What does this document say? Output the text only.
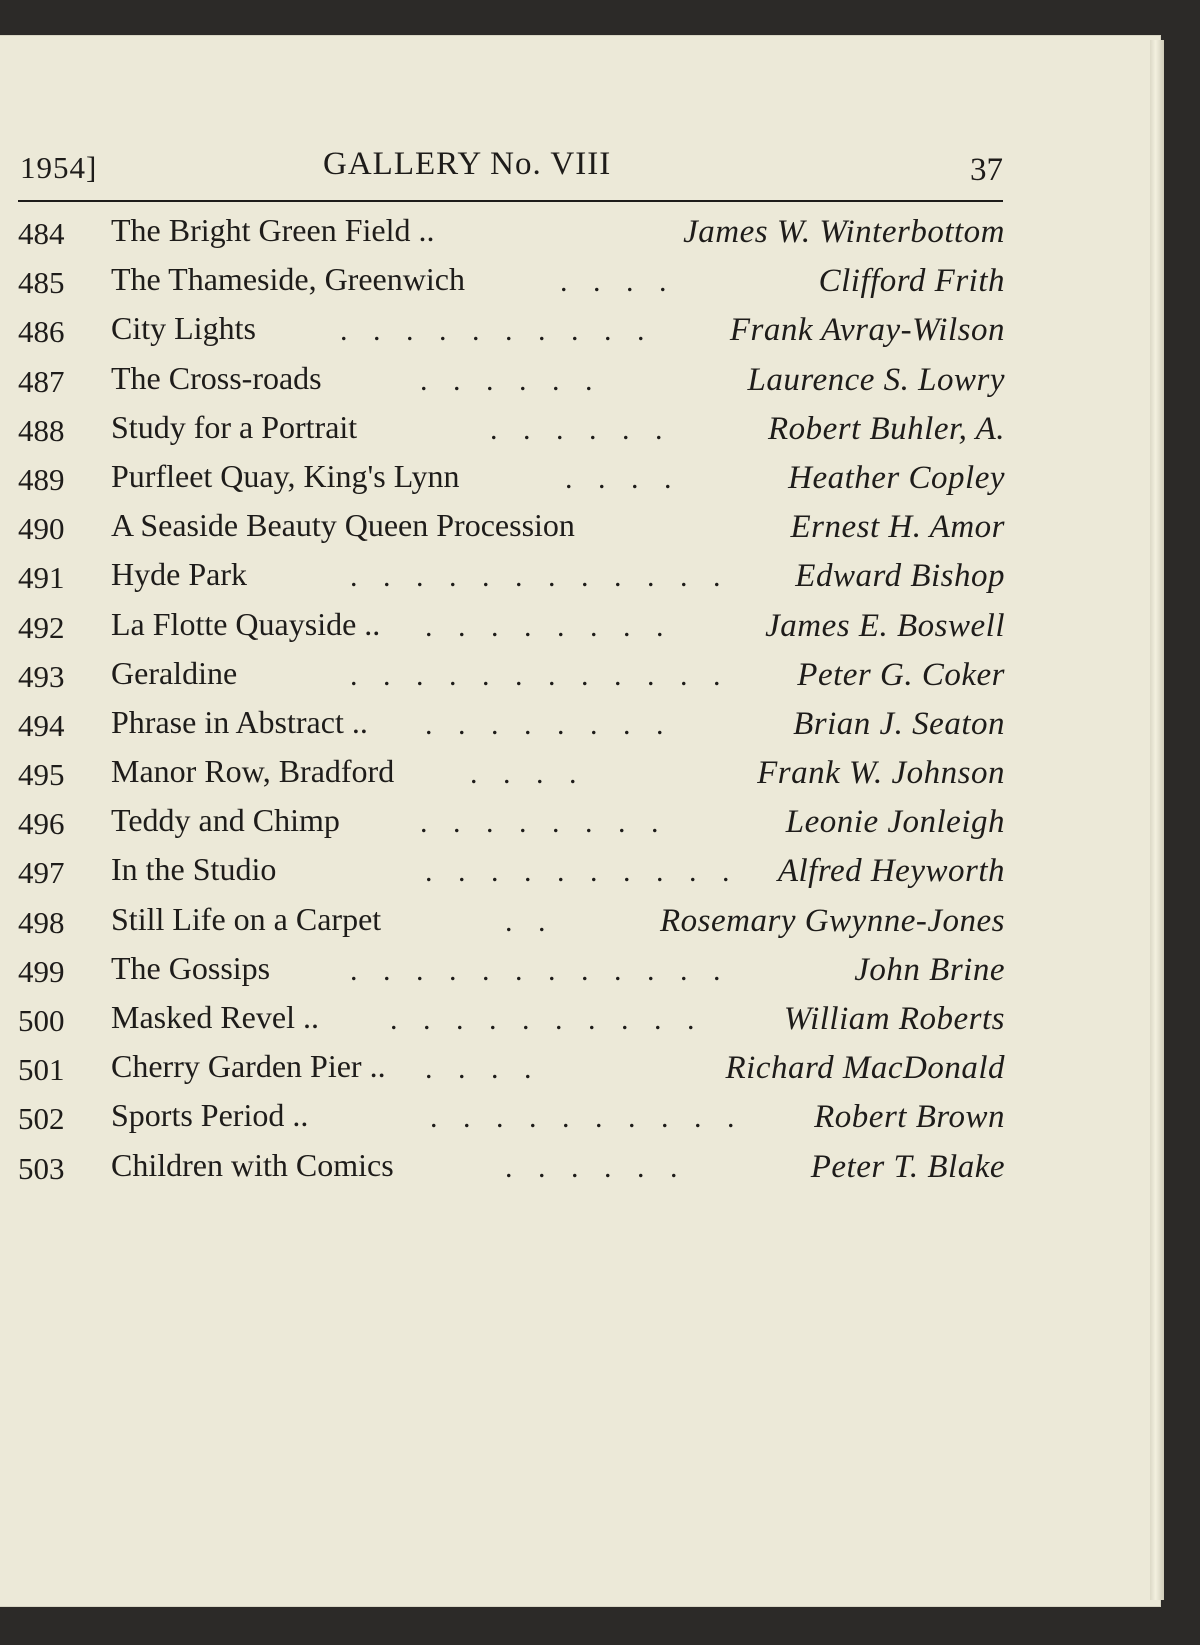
1954]	GALLERY No. VIII	37
484 The Bright Green Field ..	James W. Winterbottom
485 The Thameside, Greenwich	. . . .	Clifford Frith
486 City Lights	. . . . . . . . . . Frank Avray-Wilson
487 The Cross-roads	. . . . . .	Laurence S. Lowry
488 Study for a Portrait	. . . . . .	Robert Buhler, A.
489 Purfleet Quay, King's Lynn	. . . .	Heather Copley
490 A Seaside Beauty Queen Procession	Ernest H. Amor
491 Hyde Park	. . . . . . . . . . . . Edward Bishop
492 La Flotte Quayside .. . . . . . . . .	James E. Boswell
493 Geraldine	. . . . . . . . . . . . Peter G. Coker
494 Phrase in Abstract .. . . . . . . . .	Brian J. Seaton
495 Manor Row, Bradford	. . . .	Frank W. Johnson
496 Teddy and Chimp	. . . . . . . .	Leonie Jonleigh
497 In the Studio	. . . . . . . . . . Alfred Heyworth
498 Still Life on a Carpet	. .	Rosemary Gwynne-Jones
499 The Gossips	. . . . . . . . . . . .	John Brine
500 Masked Revel .. . . . . . . . . . . William Roberts
501 Cherry Garden Pier .. . . . .	Richard MacDonald
502 Sports Period ..	. . . . . . . . . . Robert Brown
503 Children with Comics	. . . . . .	Peter T. Blake
